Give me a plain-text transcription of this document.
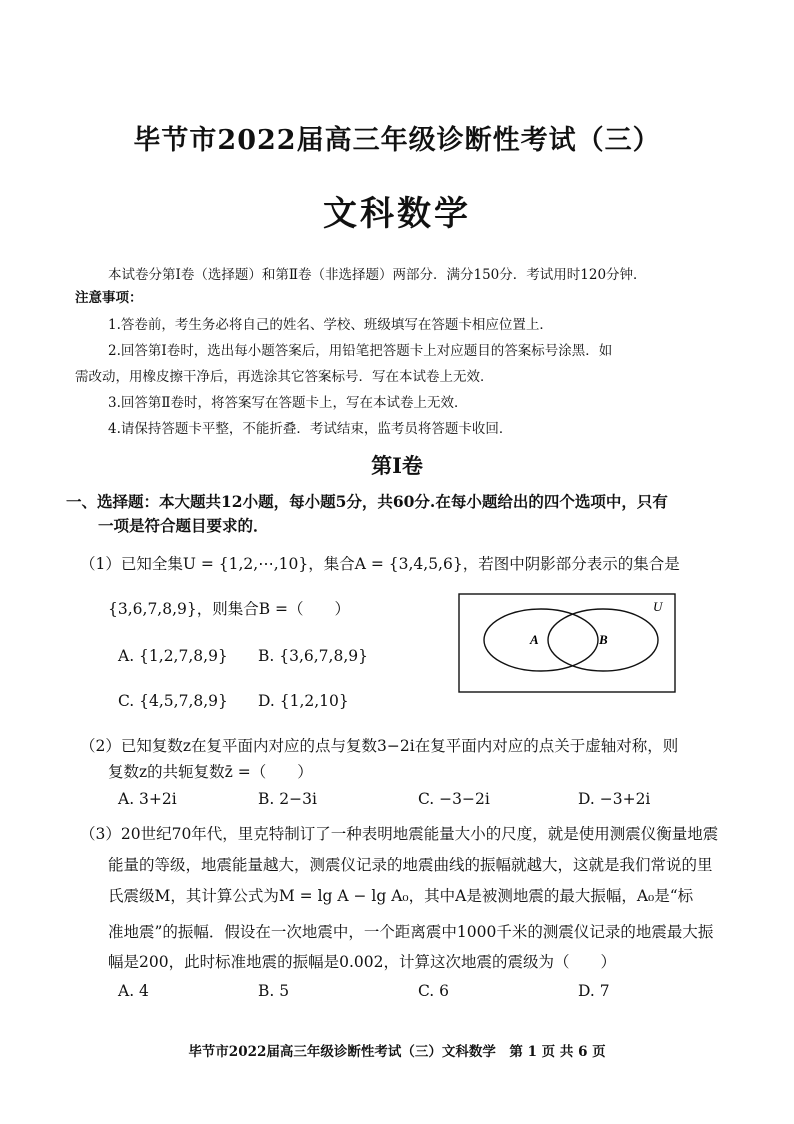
毕节市2022届高三年级诊断性考试（三）
文科数学
本试卷分第Ⅰ卷（选择题）和第Ⅱ卷（非选择题）两部分．满分150分．考试用时120分钟．
注意事项：
1.答卷前，考生务必将自己的姓名、学校、班级填写在答题卡相应位置上．
2.回答第Ⅰ卷时，选出每小题答案后，用铅笔把答题卡上对应题目的答案标号涂黑．如
需改动，用橡皮擦干净后，再选涂其它答案标号．写在本试卷上无效．
3.回答第Ⅱ卷时，将答案写在答题卡上，写在本试卷上无效．
4.请保持答题卡平整，不能折叠．考试结束，监考员将答题卡收回．
第Ⅰ卷
一、选择题：本大题共12小题，每小题5分，共60分.在每小题给出的四个选项中，只有
一项是符合题目要求的．
（1）已知全集U = {1,2,⋯,10}，集合A = {3,4,5,6}，若图中阴影部分表示的集合是
{3,6,7,8,9}，则集合B =（　　）
A. {1,2,7,8,9} B. {3,6,7,8,9}
C. {4,5,7,8,9} D. {1,2,10}
U
A	B
（2）已知复数z在复平面内对应的点与复数3−2i在复平面内对应的点关于虚轴对称，则
复数z的共轭复数z̄ =（　　）
A. 3+2i	B. 2−3i	C. −3−2i	D. −3+2i
（3）20世纪70年代，里克特制订了一种表明地震能量大小的尺度，就是使用测震仪衡量地震
能量的等级，地震能量越大，测震仪记录的地震曲线的振幅就越大，这就是我们常说的里
氏震级M，其计算公式为M = lg A − lg A₀，其中A是被测地震的最大振幅，A₀是“标
准地震”的振幅．假设在一次地震中，一个距离震中1000千米的测震仪记录的地震最大振
幅是200，此时标准地震的振幅是0.002，计算这次地震的震级为（　　）
A. 4	B. 5	C. 6	D. 7
毕节市2022届高三年级诊断性考试（三）文科数学　第 1 页 共 6 页
